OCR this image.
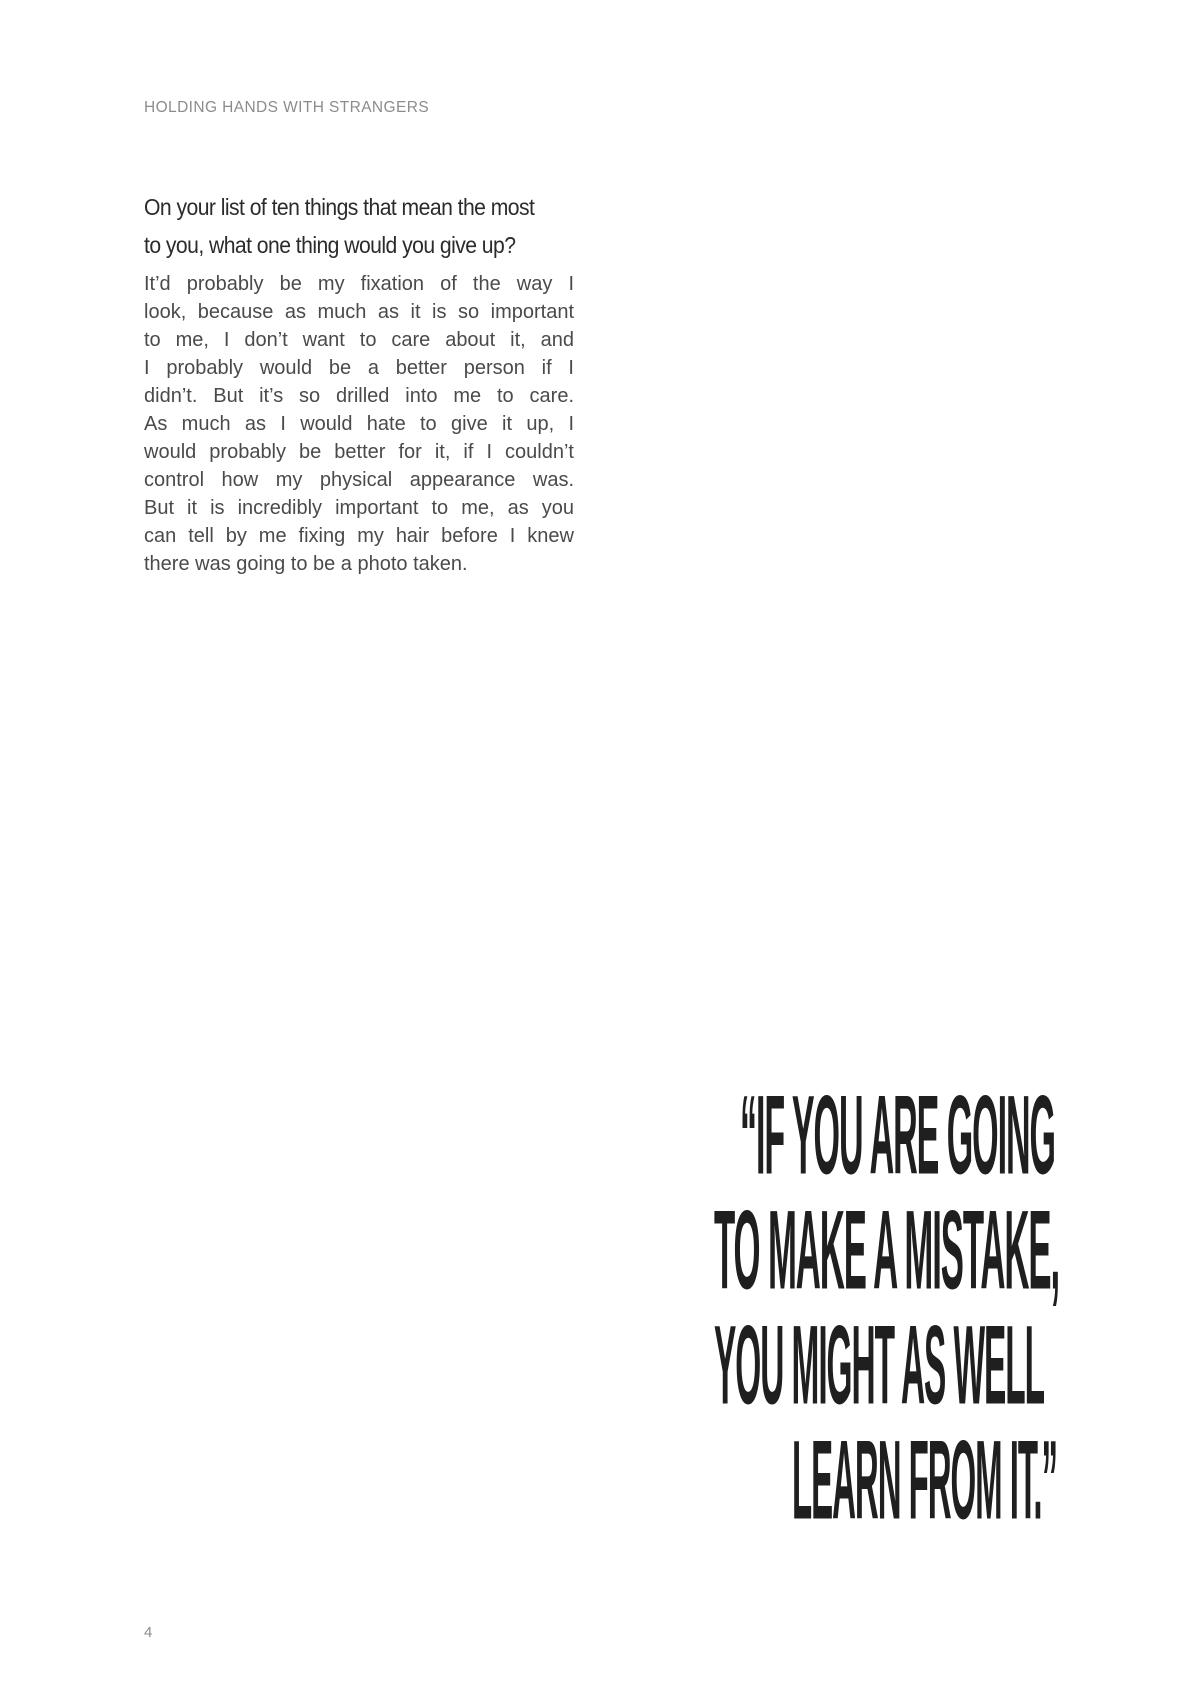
HOLDING HANDS WITH STRANGERS
On your list of ten things that mean the most
to you, what one thing would you give up?
It’d probably be my fixation of the way I
look, because as much as it is so important
to me, I don’t want to care about it, and
I probably would be a better person if I
didn’t. But it’s so drilled into me to care.
As much as I would hate to give it up, I
would probably be better for it, if I couldn’t
control how my physical appearance was.
But it is incredibly important to me, as you
can tell by me fixing my hair before I knew
there was going to be a photo taken.
“IF YOU ARE GOING
TO MAKE A MISTAKE,
YOU MIGHT AS WELL
LEARN FROM IT.”
4
